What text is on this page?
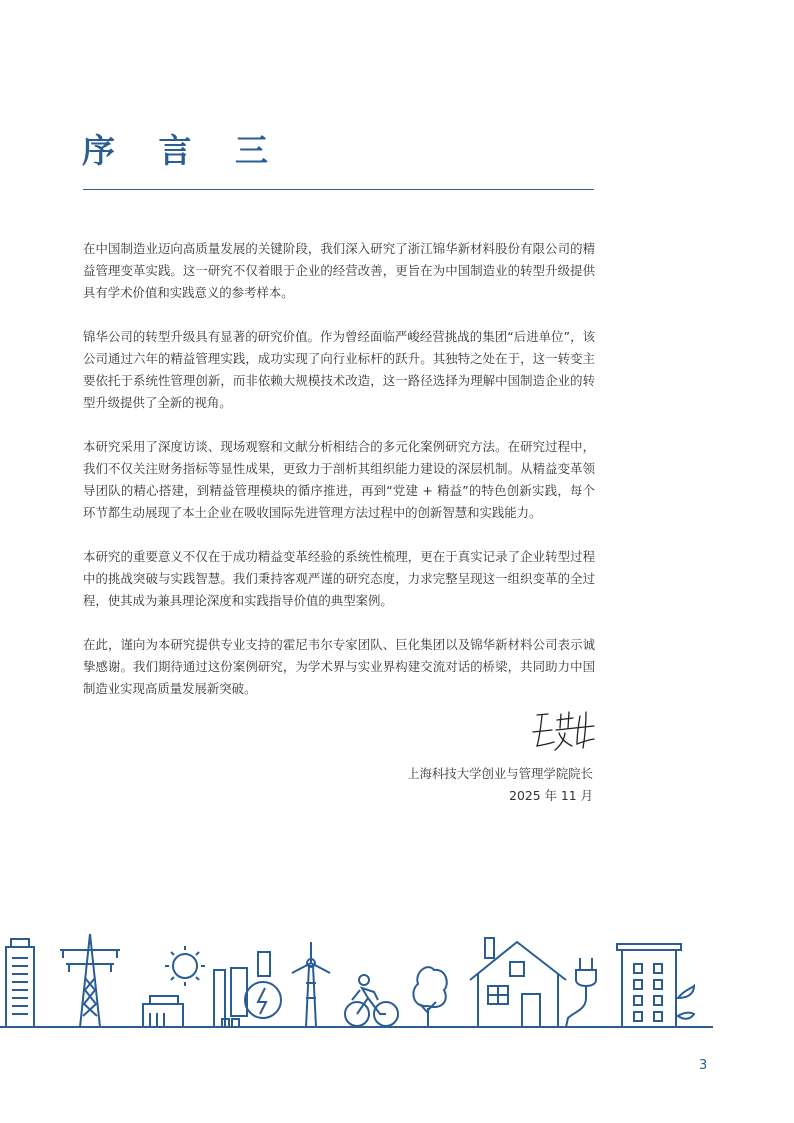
序 言 三

在中国制造业迈向高质量发展的关键阶段，我们深入研究了浙江锦华新材料股份有限公司的精益管理变革实践。这一研究不仅着眼于企业的经营改善，更旨在为中国制造业的转型升级提供具有学术价值和实践意义的参考样本。

锦华公司的转型升级具有显著的研究价值。作为曾经面临严峻经营挑战的集团“后进单位”，该公司通过六年的精益管理实践，成功实现了向行业标杆的跃升。其独特之处在于，这一转变主要依托于系统性管理创新，而非依赖大规模技术改造，这一路径选择为理解中国制造企业的转型升级提供了全新的视角。

本研究采用了深度访谈、现场观察和文献分析相结合的多元化案例研究方法。在研究过程中，我们不仅关注财务指标等显性成果，更致力于剖析其组织能力建设的深层机制。从精益变革领导团队的精心搭建，到精益管理模块的循序推进，再到“党建 + 精益”的特色创新实践，每个环节都生动展现了本土企业在吸收国际先进管理方法过程中的创新智慧和实践能力。

本研究的重要意义不仅在于成功精益变革经验的系统性梳理，更在于真实记录了企业转型过程中的挑战突破与实践智慧。我们秉持客观严谨的研究态度，力求完整呈现这一组织变革的全过程，使其成为兼具理论深度和实践指导价值的典型案例。

在此，谨向为本研究提供专业支持的霍尼韦尔专家团队、巨化集团以及锦华新材料公司表示诚挚感谢。我们期待通过这份案例研究，为学术界与实业界构建交流对话的桥梁，共同助力中国制造业实现高质量发展新突破。

上海科技大学创业与管理学院院长
2025 年 11 月
3
